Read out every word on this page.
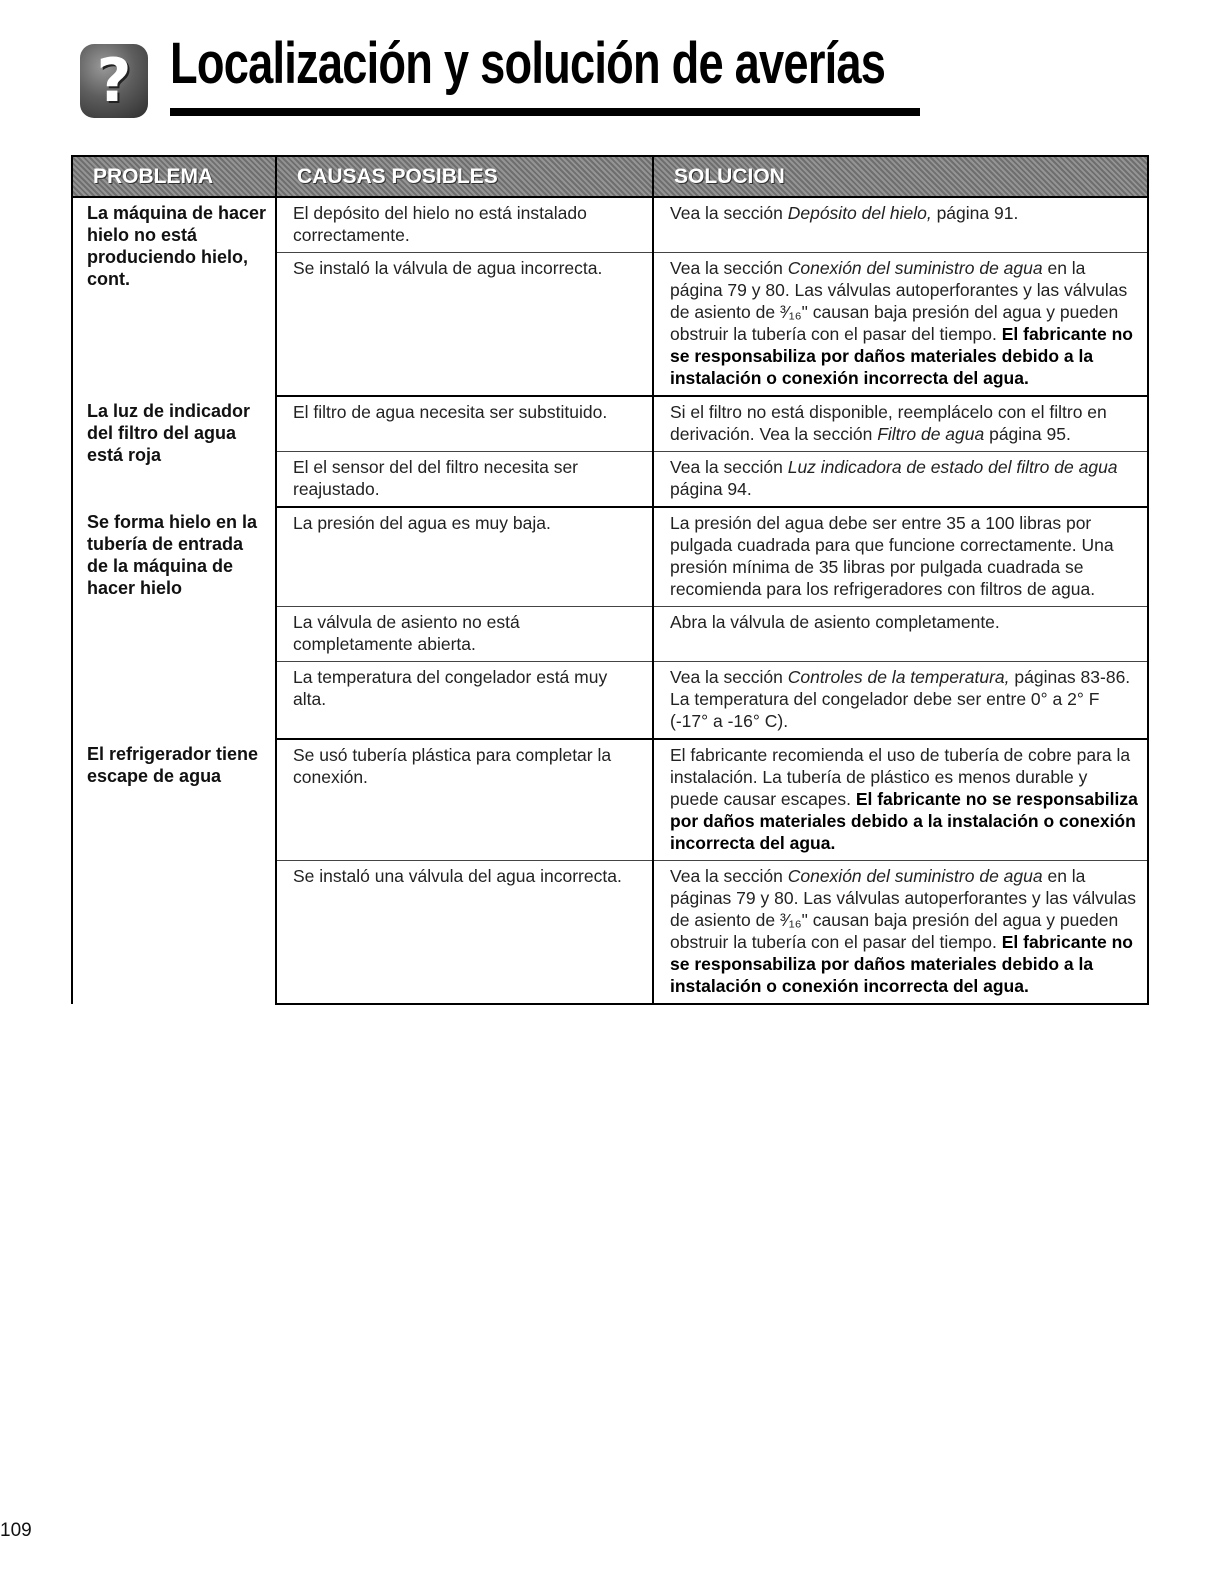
? Localización y solución de averías
PROBLEMA	CAUSAS POSIBLES	SOLUCION
La máquina de hacer hielo no está produciendo hielo, cont.	El depósito del hielo no está instalado correctamente.	Vea la sección Depósito del hielo, página 91.
	Se instaló la válvula de agua incorrecta.	Vea la sección Conexión del suministro de agua en la página 79 y 80. Las válvulas autoperforantes y las válvulas de asiento de ³⁄₁₆" causan baja presión del agua y pueden obstruir la tubería con el pasar del tiempo. El fabricante no se responsabiliza por daños materiales debido a la instalación o conexión incorrecta del agua.
La luz de indicador del filtro del agua está roja	El filtro de agua necesita ser substituido.	Si el filtro no está disponible, reemplácelo con el filtro en derivación. Vea la sección Filtro de agua página 95.
	El el sensor del del filtro necesita ser reajustado.	Vea la sección Luz indicadora de estado del filtro de agua página 94.
Se forma hielo en la tubería de entrada de la máquina de hacer hielo	La presión del agua es muy baja.	La presión del agua debe ser entre 35 a 100 libras por pulgada cuadrada para que funcione correctamente. Una presión mínima de 35 libras por pulgada cuadrada se recomienda para los refrigeradores con filtros de agua.
	La válvula de asiento no está completamente abierta.	Abra la válvula de asiento completamente.
	La temperatura del congelador está muy alta.	Vea la sección Controles de la temperatura, páginas 83-86. La temperatura del congelador debe ser entre 0° a 2° F (-17° a -16° C).
El refrigerador tiene escape de agua	Se usó tubería plástica para completar la conexión.	El fabricante recomienda el uso de tubería de cobre para la instalación. La tubería de plástico es menos durable y puede causar escapes. El fabricante no se responsabiliza por daños materiales debido a la instalación o conexión incorrecta del agua.
	Se instaló una válvula del agua incorrecta.	Vea la sección Conexión del suministro de agua en la páginas 79 y 80. Las válvulas autoperforantes y las válvulas de asiento de ³⁄₁₆" causan baja presión del agua y pueden obstruir la tubería con el pasar del tiempo. El fabricante no se responsabiliza por daños materiales debido a la instalación o conexión incorrecta del agua.
109
